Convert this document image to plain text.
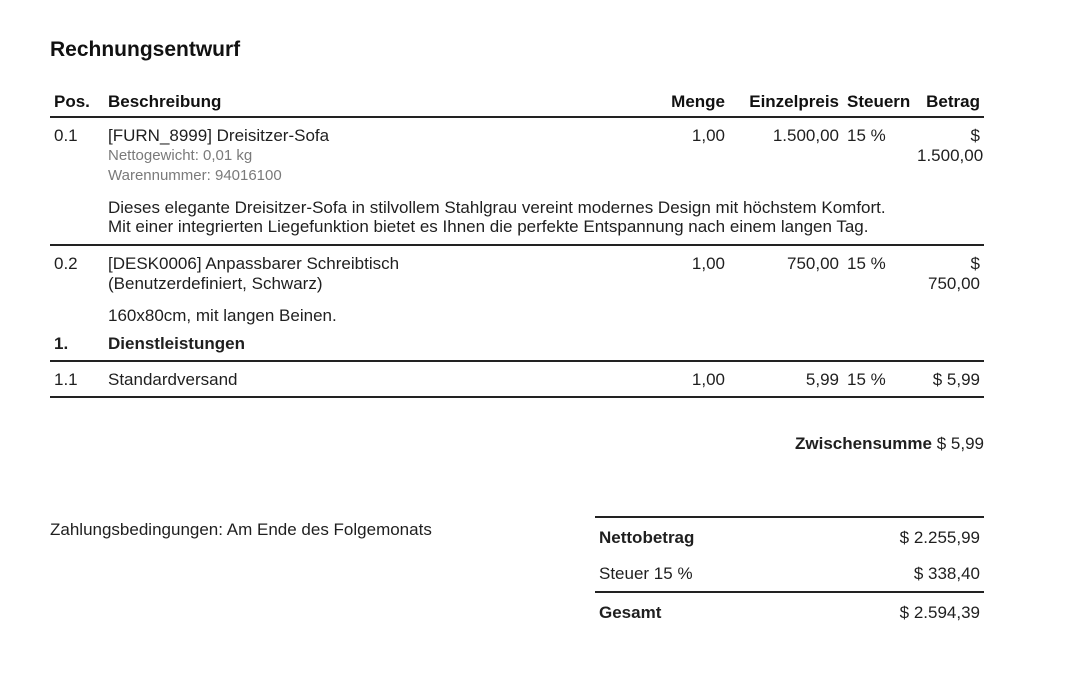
Rechnungsentwurf
Pos.	Beschreibung	Menge	Einzelpreis	Steuern	Betrag
0.1	[FURN_8999] Dreisitzer-Sofa
Nettogewicht: 0,01 kg
Warennummer: 94016100	1,00	1.500,00	15 %	$ 1.500,00

	Dieses elegante Dreisitzer-Sofa in stilvollem Stahlgrau vereint modernes Design mit höchstem Komfort.
Mit einer integrierten Liegefunktion bietet es Ihnen die perfekte Entspannung nach einem langen Tag.				

0.2	[DESK0006] Anpassbarer Schreibtisch
(Benutzerdefiniert, Schwarz)	1,00	750,00	15 %	$ 750,00
	160x80cm, mit langen Beinen.				
1.	Dienstleistungen				
1.1	Standardversand	1,00	5,99	15 %	$ 5,99
Zwischensumme $ 5,99
Zahlungsbedingungen: Am Ende des Folgemonats	Nettobetrag	$ 2.255,99
Steuer 15 %	$ 338,40
Gesamt	$ 2.594,39
